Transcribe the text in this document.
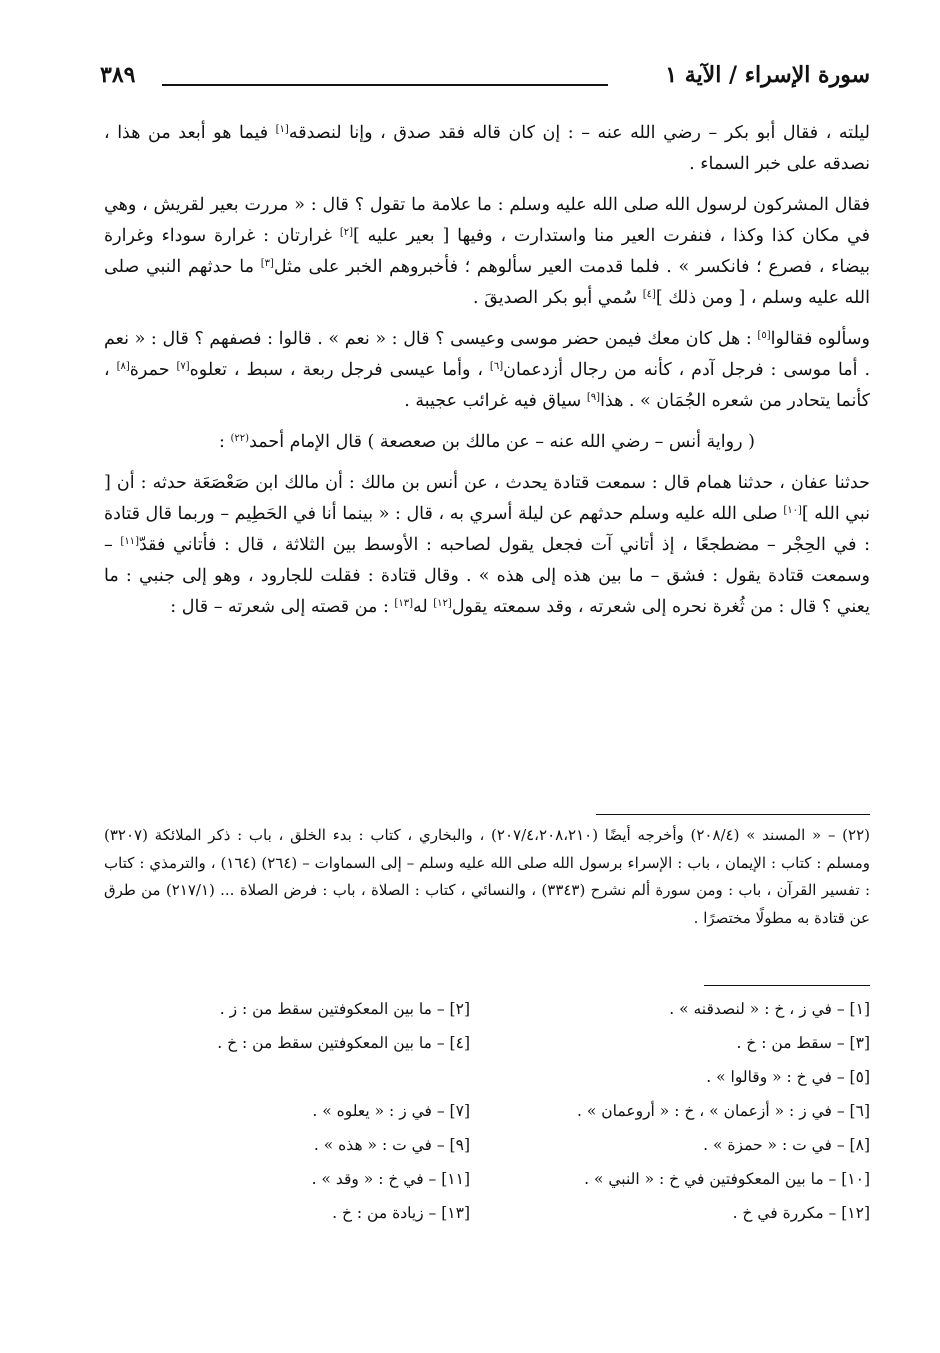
سورة الإسراء / الآية ١
٣٨٩

ليلته ، فقال أبو بكر – رضي الله عنه – : إن كان قاله فقد صدق ، وإنا لنصدقه[١] فيما هو أبعد من هذا ، نصدقه على خبر السماء .

فقال المشركون لرسول الله صلى الله عليه وسلم : ما علامة ما تقول ؟ قال : « مررت بعير لقريش ، وهي في مكان كذا وكذا ، فنفرت العير منا واستدارت ، وفيها [ بعير عليه ][٢] غرارتان : غرارة سوداء وغرارة بيضاء ، فصرع ؛ فانكسر » . فلما قدمت العير سألوهم ؛ فأخبروهم الخبر على مثل[٣] ما حدثهم النبي صلى الله عليه وسلم ، [ ومن ذلك ][٤] سُمي أبو بكر الصديقَ .

وسألوه فقالوا[٥] : هل كان معك فيمن حضر موسى وعيسى ؟ قال : « نعم » . قالوا : فصفهم ؟ قال : « نعم . أما موسى : فرجل آدم ، كأنه من رجال أزدعمان[٦] ، وأما عيسى فرجل ربعة ، سبط ، تعلوه[٧] حمرة[٨] ، كأنما يتحادر من شعره الجُمَان » . هذا[٩] سياق فيه غرائب عجيبة .

( رواية أنس – رضي الله عنه – عن مالك بن صعصعة ) قال الإمام أحمد$^{(٢٢)}$ :

حدثنا عفان ، حدثنا همام قال : سمعت قتادة يحدث ، عن أنس بن مالك : أن مالك ابن صَعْصَعَة حدثه : أن [ نبي الله ][١٠] صلى الله عليه وسلم حدثهم عن ليلة أسري به ، قال : « بينما أنا في الحَطِيم – وربما قال قتادة : في الحِجْر – مضطجعًا ، إذ أتاني آت فجعل يقول لصاحبه : الأوسط بين الثلاثة ، قال : فأتاني فقدّ[١١] – وسمعت قتادة يقول : فشق – ما بين هذه إلى هذه » . وقال قتادة : فقلت للجارود ، وهو إلى جنبي : ما يعني ؟ قال : من ثُغرة نحره إلى شعرته ، وقد سمعته يقول[١٢] له[١٣] : من قصته إلى شعرته – قال :

(٢٢) – « المسند » (٢٠٨/٤) وأخرجه أيضًا (٢٠٧/٤،٢٠٨،٢١٠) ، والبخاري ، كتاب : بدء الخلق ، باب : ذكر الملائكة (٣٢٠٧) ومسلم : كتاب : الإيمان ، باب : الإسراء برسول الله صلى الله عليه وسلم – إلى السماوات – (٢٦٤) (١٦٤) ، والترمذي : كتاب : تفسير القرآن ، باب : ومن سورة ألم نشرح (٣٣٤٣) ، والنسائي ، كتاب : الصلاة ، باب : فرض الصلاة ... (٢١٧/١) من طرق عن قتادة به مطولًا مختصرًا .

[١] – في ز ، خ : « لنصدقنه » .
[٢] – ما بين المعكوفتين سقط من : ز .
[٣] – سقط من : خ .
[٤] – ما بين المعكوفتين سقط من : خ .
[٥] – في خ : « وقالوا » .
[٦] – في ز : « أزعمان » ، خ : « أروعمان » .
[٧] – في ز : « يعلوه » .
[٨] – في ت : « حمزة » .
[٩] – في ت : « هذه » .
[١٠] – ما بين المعكوفتين في خ : « النبي » .
[١١] – في خ : « وقد » .
[١٢] – مكررة في خ .
[١٣] – زيادة من : خ .
